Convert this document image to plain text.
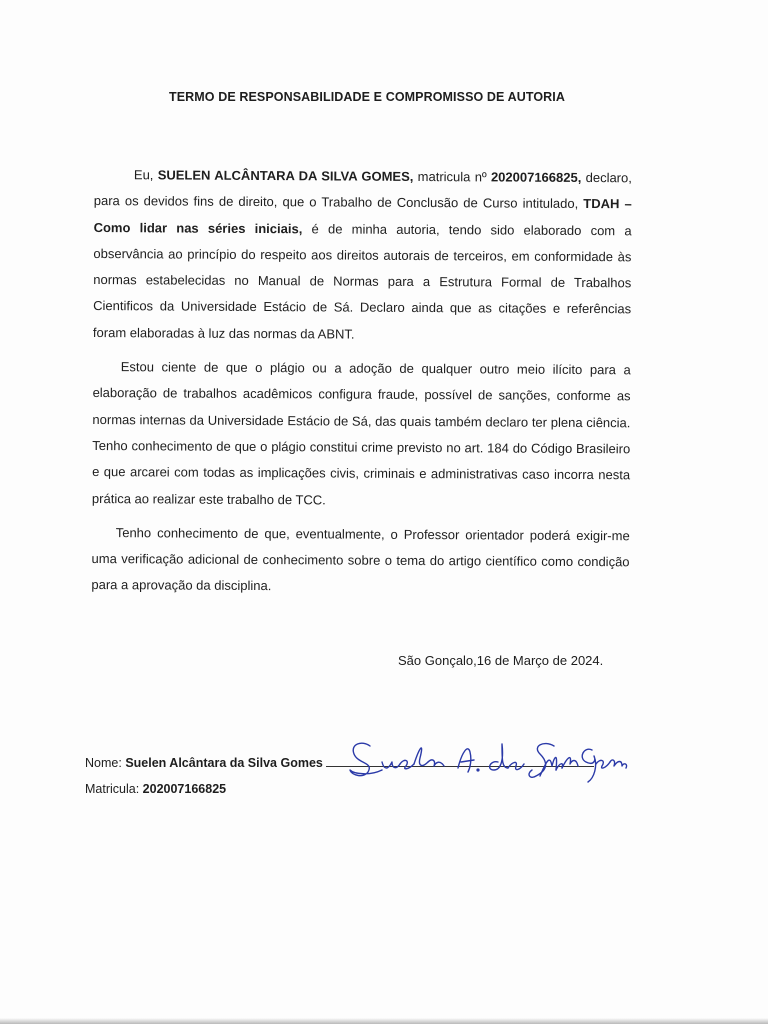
TERMO DE RESPONSABILIDADE E COMPROMISSO DE AUTORIA

Eu, SUELEN ALCÂNTARA DA SILVA GOMES, matricula nº 202007166825, declaro, para os devidos fins de direito, que o Trabalho de Conclusão de Curso intitulado, TDAH – Como lidar nas séries iniciais, é de minha autoria, tendo sido elaborado com a observância ao princípio do respeito aos direitos autorais de terceiros, em conformidade às normas estabelecidas no Manual de Normas para a Estrutura Formal de Trabalhos Cientificos da Universidade Estácio de Sá. Declaro ainda que as citações e referências foram elaboradas à luz das normas da ABNT.

Estou ciente de que o plágio ou a adoção de qualquer outro meio ilícito para a elaboração de trabalhos acadêmicos configura fraude, possível de sanções, conforme as normas internas da Universidade Estácio de Sá, das quais também declaro ter plena ciência. Tenho conhecimento de que o plágio constitui crime previsto no art. 184 do Código Brasileiro e que arcarei com todas as implicações civis, criminais e administrativas caso incorra nesta prática ao realizar este trabalho de TCC.

Tenho conhecimento de que, eventualmente, o Professor orientador poderá exigir-me uma verificação adicional de conhecimento sobre o tema do artigo científico como condição para a aprovação da disciplina.

São Gonçalo,16 de Março de 2024.
Nome: Suelen Alcântara da Silva Gomes
Matricula: 202007166825
